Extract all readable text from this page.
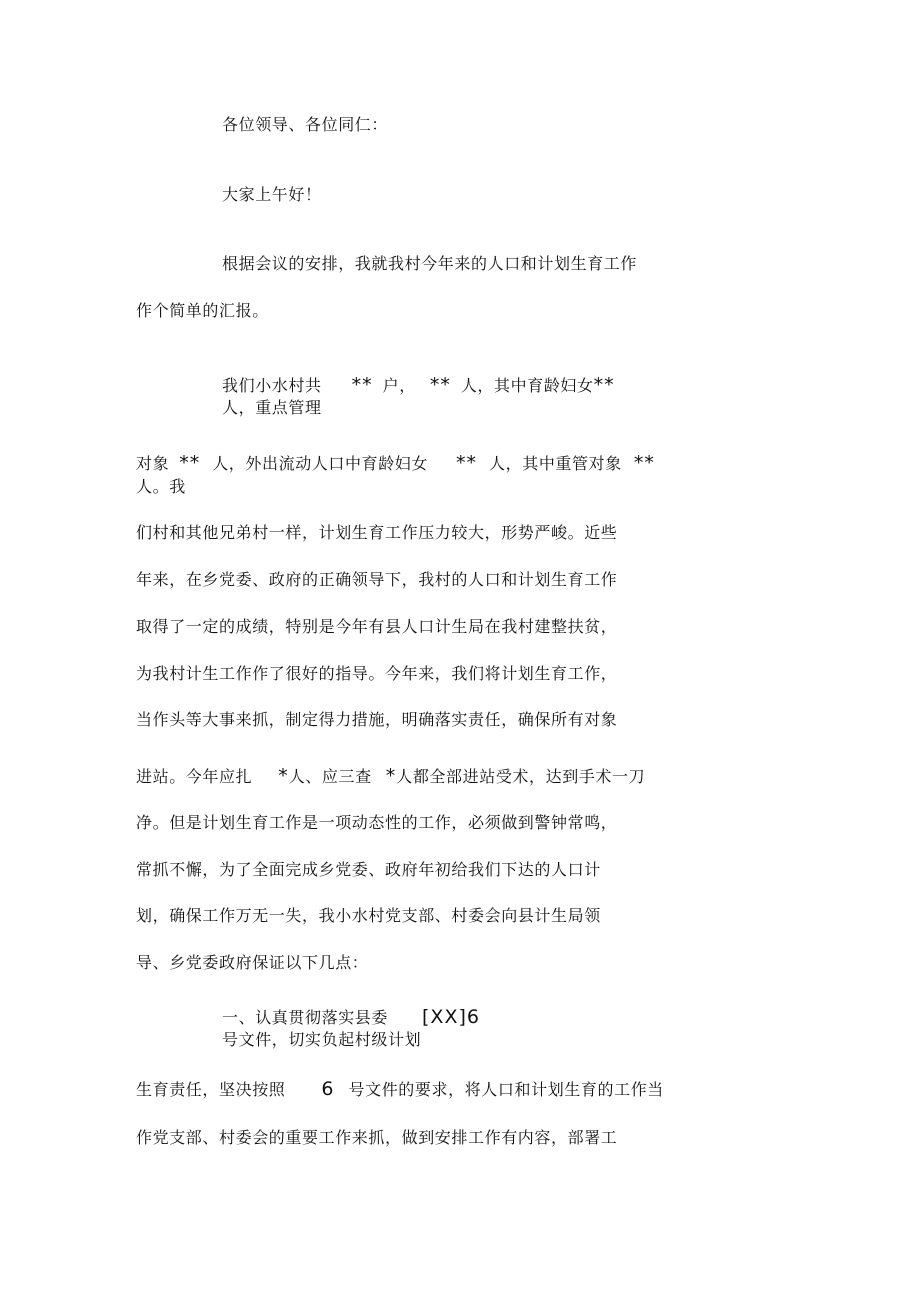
各位领导、各位同仁：
大家上午好！
根据会议的安排，我就我村今年来的人口和计划生育工作
作个简单的汇报。
我们小水村共 ** 户， ** 人，其中育龄妇女**
人，重点管理
对象 ** 人，外出流动人口中育龄妇女 ** 人，其中重管对象 **
人。我
们村和其他兄弟村一样，计划生育工作压力较大，形势严峻。近些
年来，在乡党委、政府的正确领导下，我村的人口和计划生育工作
取得了一定的成绩，特别是今年有县人口计生局在我村建整扶贫，
为我村计生工作作了很好的指导。今年来，我们将计划生育工作，
当作头等大事来抓，制定得力措施，明确落实责任，确保所有对象
进站。今年应扎 *人、应三查 *人都全部进站受术，达到手术一刀
净。但是计划生育工作是一项动态性的工作，必须做到警钟常鸣，
常抓不懈，为了全面完成乡党委、政府年初给我们下达的人口计
划，确保工作万无一失，我小水村党支部、村委会向县计生局领
导、乡党委政府保证以下几点：
一、认真贯彻落实县委 [XX]6
号文件，切实负起村级计划
生育责任，坚决按照 6 号文件的要求，将人口和计划生育的工作当
作党支部、村委会的重要工作来抓，做到安排工作有内容，部署工
